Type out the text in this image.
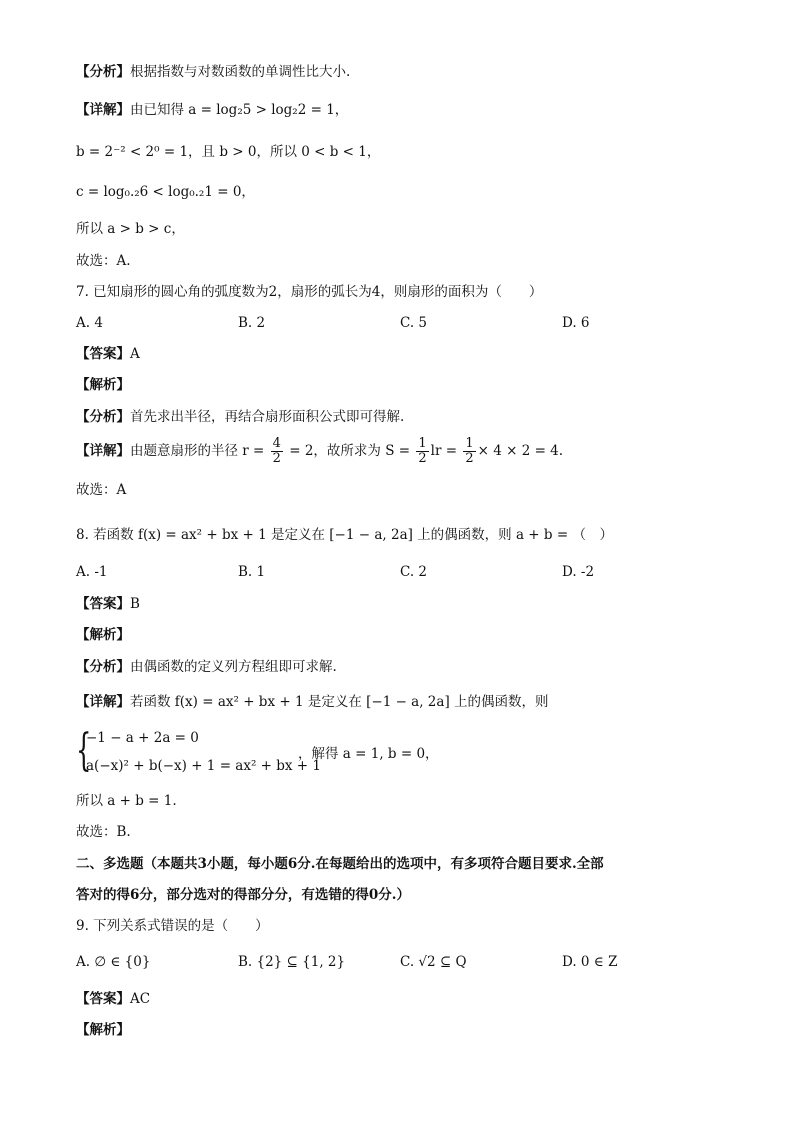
【分析】根据指数与对数函数的单调性比大小.
【详解】由已知得 a = log₂5 > log₂2 = 1，
b = 2⁻² < 2⁰ = 1，且 b > 0，所以 0 < b < 1，
c = log₀.₂6 < log₀.₂1 = 0，
所以 a > b > c，
故选：A.
7. 已知扇形的圆心角的弧度数为2，扇形的弧长为4，则扇形的面积为（　　）
A. 4	B. 2	C. 5	D. 6
【答案】A
【解析】
【分析】首先求出半径，再结合扇形面积公式即可得解.
【详解】由题意扇形的半径 $r = \frac{4}{2} = 2$，故所求为 $S = \frac{1}{2}$ lr = $\frac{1}{2} \times 4 \times 2 = 4$.
故选：A
8. 若函数 f(x) = ax² + bx + 1 是定义在 [−1 − a, 2a] 上的偶函数，则 a + b = （　）
A. -1	B. 1	C. 2	D. -2
【答案】B
【解析】
【分析】由偶函数的定义列方程组即可求解.
【详解】若函数 f(x) = ax² + bx + 1 是定义在 [−1 − a, 2a] 上的偶函数，则
{
−1 − a + 2a = 0
a(−x)² + b(−x) + 1 = ax² + bx + 1
，解得 a = 1, b = 0，
所以 a + b = 1.
故选：B.
二、多选题（本题共3小题，每小题6分.在每题给出的选项中，有多项符合题目要求.全部
答对的得6分，部分选对的得部分分，有选错的得0分.）
9. 下列关系式错误的是（　　）
A. ∅ ∈ {0}	B. {2} ⊆ {1, 2}	C. √2 ⊆ Q	D. 0 ∈ Z
【答案】AC
【解析】
